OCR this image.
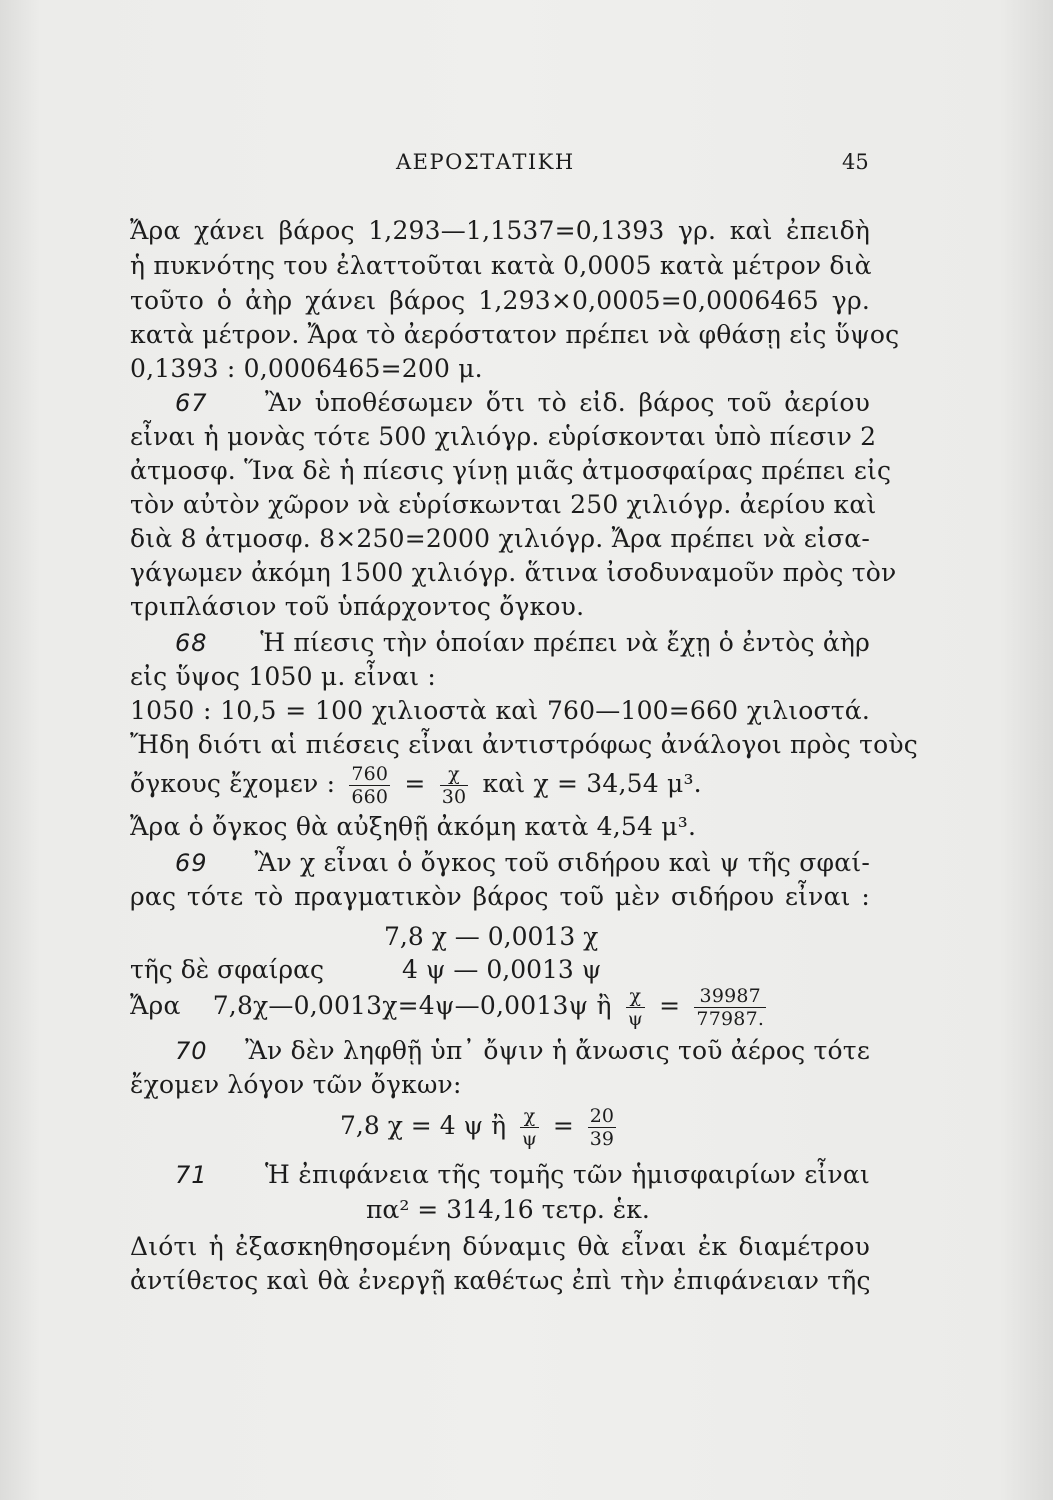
ΑΕΡΟΣΤΑΤΙΚΗ	45
Ἄρα χάνει βάρος 1,293—1,1537=0,1393 γρ. καὶ ἐπειδὴ
ἡ πυκνότης του ἐλαττοῦται κατὰ 0,0005 κατὰ μέτρον διὰ
τοῦτο ὁ ἀὴρ χάνει βάρος 1,293×0,0005=0,0006465 γρ.
κατὰ μέτρον. Ἄρα τὸ ἀερόστατον πρέπει νὰ φθάσῃ εἰς ὕψος
0,1393 : 0,0006465=200 μ.
67	Ἂν ὑποθέσωμεν ὅτι τὸ εἰδ. βάρος τοῦ ἀερίου
εἶναι ἡ μονὰς τότε 500 χιλιόγρ. εὑρίσκονται ὑπὸ πίεσιν 2
ἀτμοσφ. Ἵνα δὲ ἡ πίεσις γίνῃ μιᾶς ἀτμοσφαίρας πρέπει εἰς
τὸν αὐτὸν χῶρον νὰ εὑρίσκωνται 250 χιλιόγρ. ἀερίου καὶ
διὰ 8 ἀτμοσφ. 8×250=2000 χιλιόγρ. Ἄρα πρέπει νὰ εἰσα-
γάγωμεν ἀκόμη 1500 χιλιόγρ. ἅτινα ἰσοδυναμοῦν πρὸς τὸν
τριπλάσιον τοῦ ὑπάρχοντος ὄγκου.
68	Ἡ πίεσις τὴν ὁποίαν πρέπει νὰ ἔχῃ ὁ ἐντὸς ἀὴρ
εἰς ὕψος 1050 μ. εἶναι :
1050 : 10,5 = 100 χιλιοστὰ καὶ 760—100=660 χιλιοστά.
Ἤδη διότι αἱ πιέσεις εἶναι ἀντιστρόφως ἀνάλογοι πρὸς τοὺς
ὄγκους ἔχομεν : $\frac{760}{660} = \frac{\chi}{30}$ καὶ χ = 34,54 μ³.
Ἄρα ὁ ὄγκος θὰ αὐξηθῇ ἀκόμη κατὰ 4,54 μ³.
69	Ἂν χ εἶναι ὁ ὄγκος τοῦ σιδήρου καὶ ψ τῆς σφαί-
ρας τότε τὸ πραγματικὸν βάρος τοῦ μὲν σιδήρου εἶναι :
7,8 χ — 0,0013 χ
τῆς δὲ σφαίρας	4 ψ — 0,0013 ψ
Ἄρα 7,8χ—0,0013χ=4ψ—0,0013ψ ἢ $\frac{\chi}{\psi} = \frac{39987}{77987.}$
70	Ἂν δὲν ληφθῇ ὑπ᾽ ὄψιν ἡ ἄνωσις τοῦ ἀέρος τότε
ἔχομεν λόγον τῶν ὄγκων:
7,8 χ = 4 ψ ἢ $\frac{\chi}{\psi} = \frac{20}{39}$
71	Ἡ ἐπιφάνεια τῆς τομῆς τῶν ἡμισφαιρίων εἶναι
πα² = 314,16 τετρ. ἑκ.
Διότι ἡ ἐξασκηθησομένη δύναμις θὰ εἶναι ἐκ διαμέτρου
ἀντίθετος καὶ θὰ ἐνεργῇ καθέτως ἐπὶ τὴν ἐπιφάνειαν τῆς
